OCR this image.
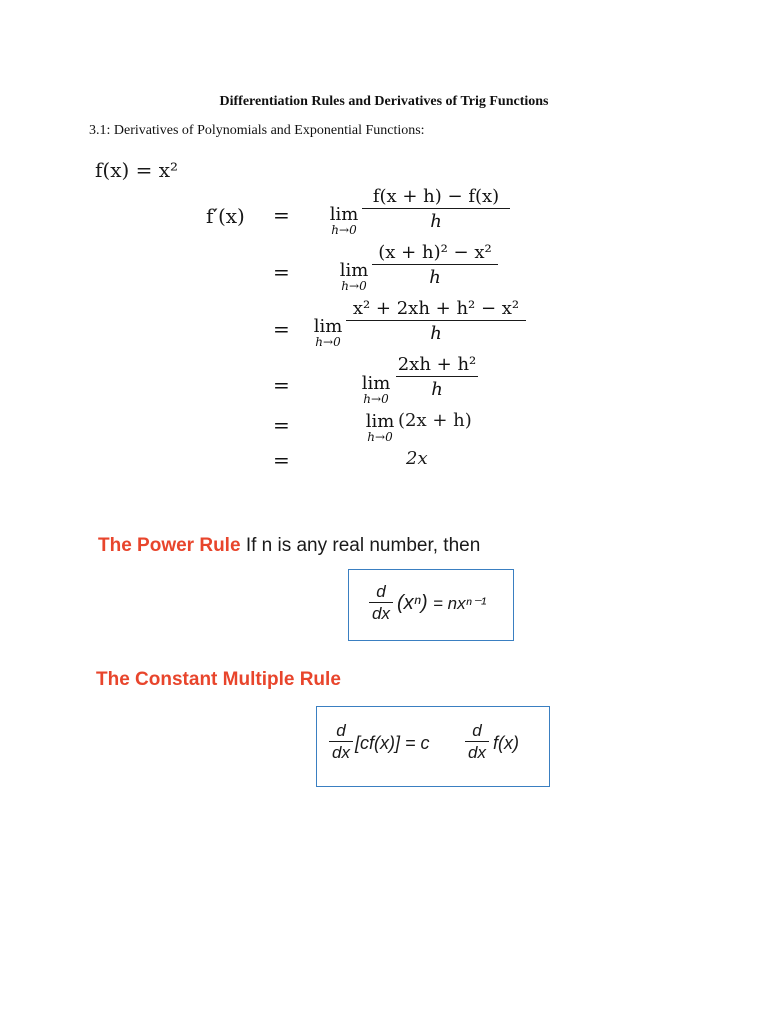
Differentiation Rules and Derivatives of Trig Functions
3.1: Derivatives of Polynomials and Exponential Functions:
f(x) = x²
f′(x) = lim
h→0
f(x + h) − f(x)
h
=	lim
h→0
(x + h)² − x²
h
= lim
h→0
x² + 2xh + h² − x²
h
=	lim
h→0
2xh + h²
h
=	lim
h→0
(2x + h)
=	2x
The Power Rule If n is any real number, then
d
dx (xⁿ) = nxⁿ⁻¹
The Constant Multiple Rule
d
dx [cf(x)] = c
d
dx f(x)
